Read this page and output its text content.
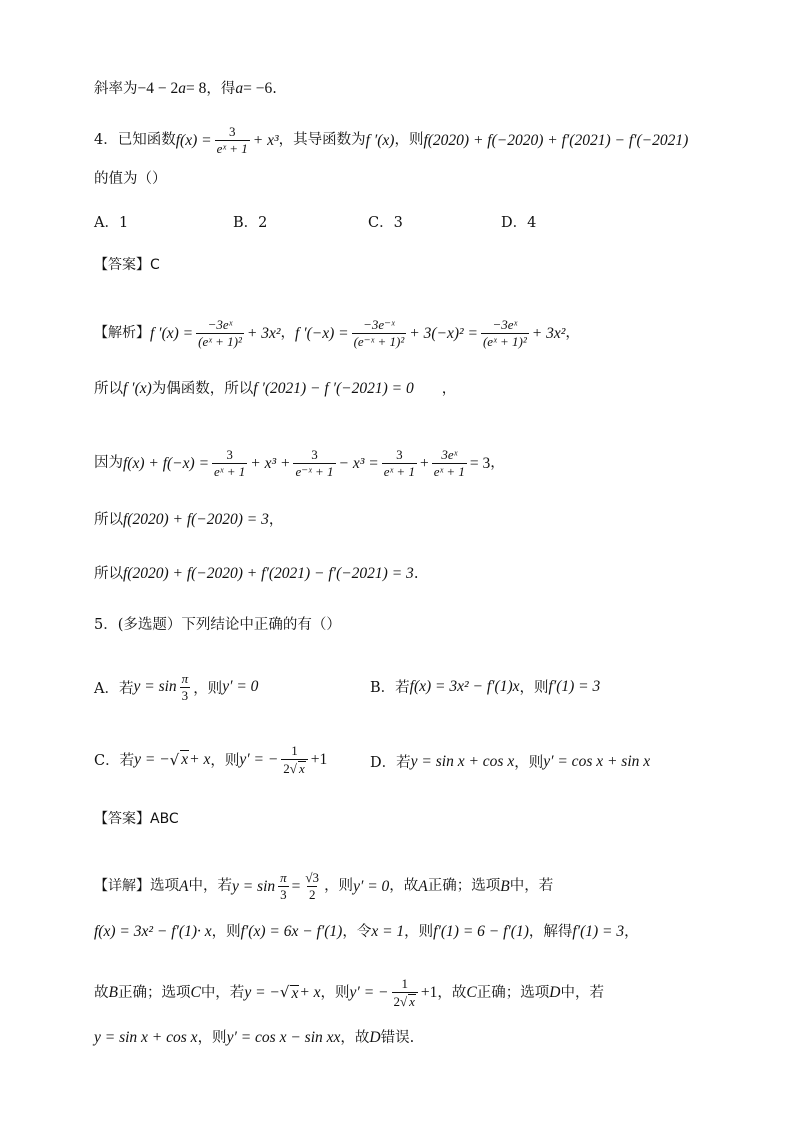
斜率为 −4 − 2 a = 8 ，得 a = −6 .
4．已知函数 $f(x) = \frac{3}{\text{eˣ + 1}} + x^3$ ，其导函数为 f ′(x) ，则 f(2020) + f(−2020) + f′(2021) − f′(−2021)
的值为（）
A．1	B．2	C．3	D．4
【答案】C
【解析】 f $'(x) = \frac{\text{−3eˣ}}{\text{(eˣ + 1)²}} + 3x^2$ ， f $'(-x) = \frac{\text{−3e⁻ˣ}}{\text{(e⁻ˣ + 1)²}} + 3(-x)^2 = \frac{\text{−3eˣ}}{\text{(eˣ + 1)²}} + 3x^2$ ，
所以 f ′(x) 为偶函数，所以 f ′(2021) − f ′(−2021) = 0 ，
因为 $f(x) + f(-x) = \frac{3}{\text{eˣ + 1}} + x^3 + \frac{3}{\text{e⁻ˣ + 1}} - x^3 = \frac{3}{\text{eˣ + 1}} + \frac{\text{3eˣ}}{\text{eˣ + 1}} = 3$ ，
所以 f(2020) + f(−2020) = 3 ，
所以 f(2020) + f(−2020) + f′(2021) − f′(−2021) = 3 .
5．(多选题）下列结论中正确的有（）
A．若 $y = \sin \frac{\pi}{3}$ ，则 y′ = 0	B．若 f(x) = 3x² − f′(1)x ，则 f′(1) = 3
C．若 y = − √ x + x ，则 y′ = − $\frac{1}{2√ x} +1$	D．若 y = sin x + cos x ，则 y′ = cos x + sin x
【答案】ABC
【详解】 选项 A 中，若 $y = \sin \frac{\pi}{3} = \frac{√3}{2}$ ，则 y′ = 0 ，故 A 正确；选项 B 中，若
f(x) = 3x² − f′(1)· x ，则 f′(x) = 6x − f′(1) ，令 x = 1 ，则 f′(1) = 6 − f′(1) ，解得 f′(1) = 3 ，
故 B 正确；选项 C 中，若 y = − √ x + x ，则 y′ = − $\frac{1}{2√ x} +1$ ，故 C 正确；选项 D 中，若
y = sin x + cos x ，则 y′ = cos x − sin x x ，故 D 错误.
